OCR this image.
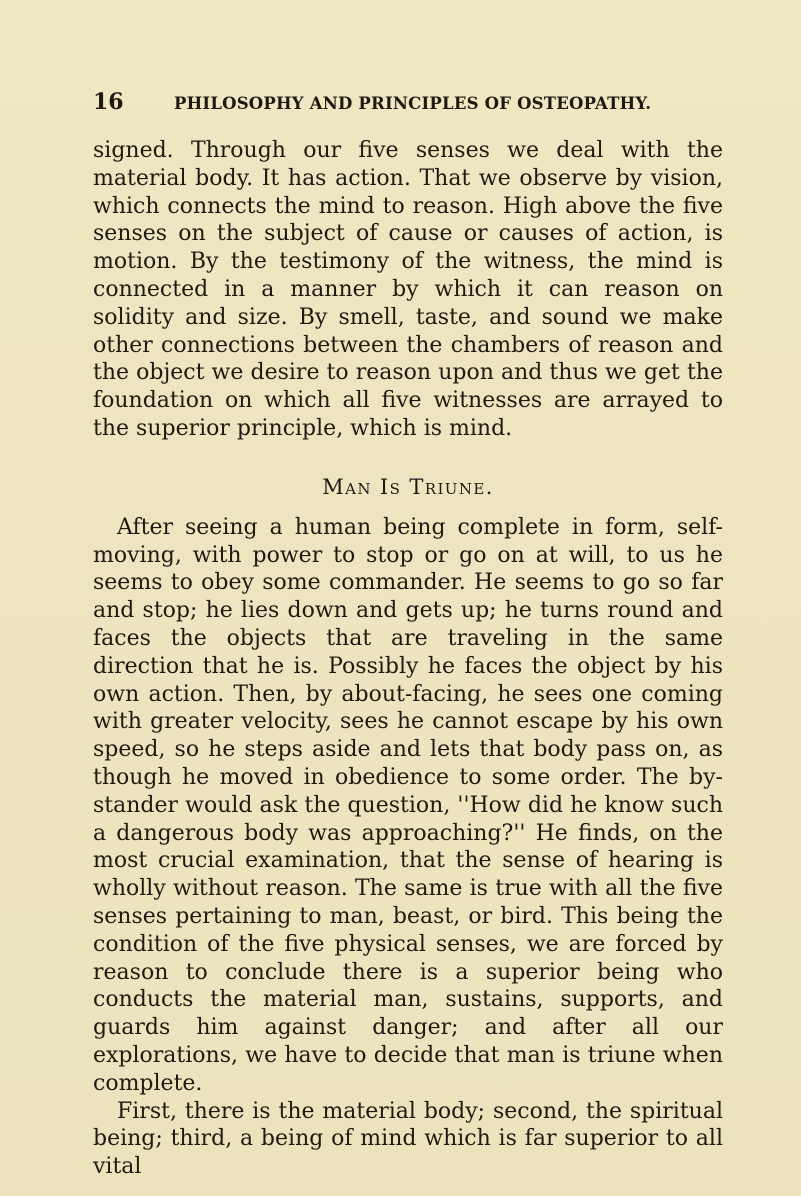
16	PHILOSOPHY AND PRINCIPLES OF OSTEOPATHY.

signed. Through our five senses we deal with the material body. It has action. That we observe by vision, which connects the mind to reason. High above the five senses on the subject of cause or causes of action, is motion. By the testimony of the witness, the mind is connected in a manner by which it can reason on solidity and size. By smell, taste, and sound we make other connections between the chambers of reason and the object we desire to reason upon and thus we get the foundation on which all five witnesses are arrayed to the superior principle, which is mind.

Man Is Triune.

After seeing a human being complete in form, self-moving, with power to stop or go on at will, to us he seems to obey some commander. He seems to go so far and stop; he lies down and gets up; he turns round and faces the objects that are traveling in the same direction that he is. Possibly he faces the object by his own action. Then, by about-facing, he sees one coming with greater velocity, sees he cannot escape by his own speed, so he steps aside and lets that body pass on, as though he moved in obedience to some order. The by-stander would ask the question, ''How did he know such a dangerous body was approaching?'' He finds, on the most crucial examination, that the sense of hearing is wholly without reason. The same is true with all the five senses pertaining to man, beast, or bird. This being the condition of the five physical senses, we are forced by reason to conclude there is a superior being who conducts the material man, sustains, supports, and guards him against danger; and after all our explorations, we have to decide that man is triune when complete.

First, there is the material body; second, the spiritual being; third, a being of mind which is far superior to all vital
